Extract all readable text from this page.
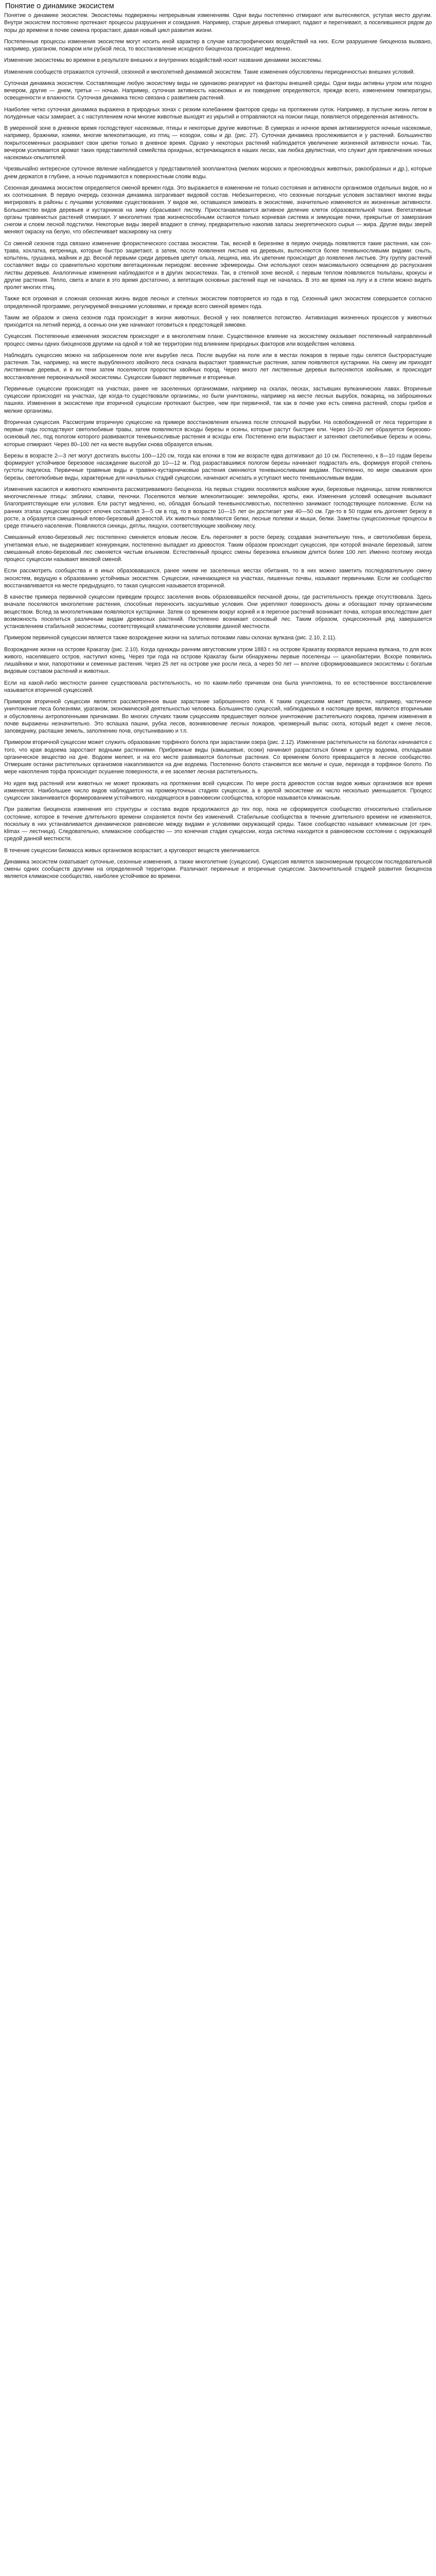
Понятие о динамике экосистем

Понятие о динамике экосистем. Экосистемы подвержены непрерывным изменениям. Одни виды постепенно отмирают или вытесняются, уступая место другим. Внутри экосистем постоянно протекают процессы разрушения и созидания. Например, старые деревья отмирают, падают и перегнивают, а поселившиеся рядом до поры до времени в почве семена прорастают, давая новый цикл развития жизни.

Постепенные процессы изменения экосистем могут носить иной характер в случае катастрофических воздействий на них. Если разрушение биоценоза вызвано, например, ураганом, пожаром или рубкой леса, то восстановление исходного биоценоза происходит медленно.

Изменение экосистемы во времени в результате внешних и внутренних воздействий носит название динамики экосистемы.

Изменения сообществ отражаются суточной, сезонной и многолетней динамикой экосистем. Такие изменения обусловлены периодичностью внешних условий.

Суточная динамика экосистем. Составляющие любую экосистему виды не одинаково реагируют на факторы внешней среды. Одни виды активны утром или поздно вечером, другие — днем, третьи — ночью. Например, суточная активность насекомых и их поведение определяются, прежде всего, изменением температуры, освещенности и влажности. Суточная динамика тесно связана с развитием растений.

Наиболее четко суточная динамика выражена в природных зонах с резким колебанием факторов среды на протяжении суток. Например, в пустыне жизнь летом в полуденные часы замирает, а с наступлением ночи многие животные выходят из укрытий и отправляются на поиски пищи, появляется определенная активность.

В умеренной зоне в дневное время господствуют насекомые, птицы и некоторые другие животные. В сумерках и ночное время активизируются ночные насекомые, например, бражники, хомяки, многие млекопитающие, из птиц — козодои, совы и др. (рис. 27). Суточная динамика прослеживается и у растений. Большинство покрытосеменных раскрывают свои цветки только в дневное время. Однако у некоторых растений наблюдается увеличение жизненной активности ночью. Так, вечером усиливается аромат таких представителей семейства орхидных, встречающихся в наших лесах, как любка двулистная, что служит для привлечения ночных насекомых-опылителей.

Чрезвычайно интересное суточное явление наблюдается у представителей зоопланктона (мелких морских и пресноводных животных, ракообразных и др.), которые днем держатся в глубине, а ночью поднимаются к поверхностным слоям воды.

Сезонная динамика экосистем определяется сменой времен года. Это выражается в изменении не только состояния и активности организмов отдельных видов, но и их соотношения. В первую очередь сезонная динамика затрагивает видовой состав. Небезынтересно, что сезонные погодные условия заставляют многие виды мигрировать в районы с лучшими условиями существования. У видов же, оставшихся зимовать в экосистеме, значительно изменяются их жизненные активности. Большинство видов деревьев и кустарников на зиму сбрасывают листву. Приостанавливается активное деление клеток образовательной ткани. Вегетативные органы травянистых растений отмирают. У многолетних трав жизнеспособными остаются только корневая система и зимующие почки, прикрытые от замерзания снегом и слоем лесной подстилки. Некоторые виды зверей впадают в спячку, предварительно накопив запасы энергетического сырья — жира. Другие виды зверей меняют окраску на белую, что обеспечивает маскировку на снегу.

Со сменой сезонов года связано изменение флористического состава экосистем. Так, весной в березняке в первую очередь появляются такие растения, как сон-трава, хохлатка, ветреница, которые быстро зацветают, а затем, после появления листьев на деревьях, вытесняются более теневыносливыми видами: сныть, копытень, грушанка, майник и др. Весной первыми среди деревьев цветут ольха, лещина, ива. Их цветение происходит до появления листьев. Эту группу растений составляют виды со сравнительно коротким вегетационным периодом: весенние эфемероиды. Они используют сезон максимального освещения до распускания листвы деревьев. Аналогичные изменения наблюдаются и в других экосистемах. Так, в степной зоне весной, с первым теплом появляются тюльпаны, крокусы и другие растения. Тепло, света и влаги в это время достаточно, а вегетация основных растений еще не началась. В это же время на лугу и в степи можно видеть пролет многих птиц.

Также вся огромная и сложная сезонная жизнь видов лесных и степных экосистем повторяется из года в год. Сезонный цикл экосистем совершается согласно определенной программе, регулируемой внешними условиями, и прежде всего сменой времен года.

Таким же образом и смена сезонов года происходит в жизни животных. Весной у них появляется потомство. Активизация жизненных процессов у животных приходится на летний период, а осенью они уже начинают готовиться к предстоящей зимовке.

Сукцессия. Постепенные изменения экосистем происходят и в многолетнем плане. Существенное влияние на экосистему оказывает постепенный направленный процесс смены одних биоценозов другими на одной и той же территории под влиянием природных факторов или воздействия человека.

Наблюдать сукцессию можно на заброшенном поле или вырубке леса. После вырубки на поле или в местах пожаров в первые годы селятся быстрорастущие растения. Так, например, на месте вырубленного хвойного леса сначала вырастают травянистые растения, затем появляются кустарники. На смену им приходят лиственные деревья, и в их тени затем поселяются проростки хвойных пород. Через много лет лиственные деревья вытесняются хвойными, и происходит восстановление первоначальной экосистемы. Сукцессии бывают первичные и вторичные.

Первичные сукцессии происходят на участках, ранее не заселенных организмами, например на скалах, песках, застывших вулканических лавах. Вторичные сукцессии происходят на участках, где когда-то существовали организмы, но были уничтожены, например на месте лесных вырубок, пожарищ, на заброшенных пашнях. Изменения в экосистеме при вторичной сукцессии протекают быстрее, чем при первичной, так как в почве уже есть семена растений, споры грибов и мелкие организмы.

Вторичная сукцессия. Рассмотрим вторичную сукцессию на примере восстановления ельника после сплошной вырубки. На освобожденной от леса территории в первые годы господствуют светолюбивые травы, затем появляются всходы березы и осины, которые растут быстрее ели. Через 10–20 лет образуется березово-осиновый лес, под пологом которого развиваются теневыносливые растения и всходы ели. Постепенно ели вырастают и затеняют светолюбивые березы и осины, которые отмирают. Через 80–100 лет на месте вырубки снова образуется ельник.

Березы в возрасте 2—3 лет могут достигать высоты 100—120 см, тогда как елочки в том же возрасте едва дотягивают до 10 см. Постепенно, к 8—10 годам березы формируют устойчивое березовое насаждение высотой до 10—12 м. Под разраставшимся пологом березы начинают подрастать ель, формируя второй степень густоты подлеска. Первичные травяные виды и травяно-кустарничковые растения сменяются теневыносливыми видами. Постепенно, по мере смыкания крон березы, светолюбивые виды, характерные для начальных стадий сукцессии, начинают исчезать и уступают место теневыносливым видам.

Изменения касаются и животного компонента рассматриваемого биоценоза. На первых стадиях поселяются майские жуки, березовые пяденицы, затем появляются многочисленные птицы: зяблики, славки, пеночки. Поселяются мелкие млекопитающие: землеройки, кроты, ежи. Изменения условий освещения вызывают благоприятствующие ели условия. Ели растут медленно, но, обладая большой теневыносливостью, постепенно занимают господствующее положение. Если на ранних этапах сукцессии прирост елочек составлял 3—5 см в год, то в возрасте 10—15 лет он достигает уже 40—50 см. Где-то в 50 годам ель догоняет березу в росте, а образуется смешанный елово-березовый древостой. Их животных появляются белки, лесные полевки и мыши, белки. Заметны сукцессионные процессы в среде птичьего населения. Появляются синицы, дятлы, пищухи, соответствующие хвойному лесу.

Смешанный елово-березовый лес постепенно сменяется еловым лесом. Ель перегоняет в росте березу, создавая значительную тень, и светолюбивая береза, угнетаемая елью, не выдерживает конкуренции, постепенно выпадает из древостоя. Таким образом происходит сукцессия, при которой вначале березовый, затем смешанный елово-березовый лес сменяется чистым ельником. Естественный процесс смены березняка ельником длится более 100 лет. Именно поэтому иногда процесс сукцессии называют вековой сменой.

Если рассмотреть сообщества и в иных образовавшихся, ранее никем не заселенных местах обитания, то в них можно заметить последовательную смену экосистем, ведущую к образованию устойчивых экосистем. Сукцессии, начинающиеся на участках, лишенных почвы, называют первичными. Если же сообщество восстанавливается на месте предыдущего, то такая сукцессия называется вторичной.

В качестве примера первичной сукцессии приведем процесс заселения вновь образовавшейся песчаной дюны, где растительность прежде отсутствовала. Здесь вначале поселяются многолетние растения, способные переносить засушливые условия. Они укрепляют поверхность дюны и обогащают почву органическим веществом. Вслед за многолетниками появляются кустарники. Затем со временем вокруг корней и в перегное растений возникает почва, которая впоследствии дает возможность поселиться различным видам древесных растений. Постепенно возникает сосновый лес. Таким образом, сукцессионный ряд завершается установлением стабильной экосистемы, соответствующей климатическим условиям данной местности.

Примером первичной сукцессии является также возрождение жизни на залитых потоками лавы склонах вулкана (рис. 2.10, 2.11).

Возрождение жизни на острове Кракатау (рис. 2.10). Когда однажды ранним августовским утром 1883 г. на острове Кракатау взорвался вершина вулкана, то для всех живого, населявшего остров, наступил конец. Через три года на острове Кракатау были обнаружены первые поселенцы — цианобактерии. Вскоре появились лишайники и мхи, папоротники и семенные растения. Через 25 лет на острове уже росли леса, а через 50 лет — вполне сформировавшиеся экосистемы с богатым видовым составом растений и животных.

Если на какой-либо местности раннее существовала растительность, но по каким-либо причинам она была уничтожена, то ее естественное восстановление называется вторичной сукцессией.

Примером вторичной сукцессии является рассмотренное выше зарастание заброшенного поля. К таким сукцессиям может привести, например, частичное уничтожение леса болезнями, ураганом, экономической деятельностью человека. Большинство сукцессий, наблюдаемых в настоящее время, являются вторичными и обусловлены антропогенными причинами. Во многих случаях таким сукцессиям предшествует полное уничтожение растительного покрова, причем изменения в почве выражены незначительно. Это вспашка пашни, рубка лесов, возникновение лесных пожаров, чрезмерный выпас скота, который ведет к смене лесов, заповеднику, распашке земель, заполнению почв, опустыниванию и т.п.

Примером вторичной сукцессии может служить образование торфяного болота при зарастании озера (рис. 2.12). Изменение растительности на болотах начинается с того, что края водоема заростают водными растениями. Прибрежные виды (камышевые, осоки) начинают разрастаться ближе к центру водоема, откладывая органическое вещество на дне. Водоем мелеет, и на его месте развиваются болотные растения. Со временем болото превращается в лесное сообщество. Отмершие останки растительных организмов накапливаются на дне водоема. Постепенно болото становится все мельче и суше, переходя в торфяное болото. По мере накопления торфа происходит осушение поверхности, и ее заселяет лесная растительность.

Но идея вид растений или животных не может проживать на протяжении всей сукцессии. По мере роста древостоя состав видов живых организмов все время изменяется. Наибольшее число видов наблюдается на промежуточных стадиях сукцессии, а в зрелой экосистеме их число несколько уменьшается. Процесс сукцессии заканчивается формированием устойчивого, находящегося в равновесии сообщества, которое называется климаксным.

При развитии биоценоза изменения его структуры и состава видов продолжаются до тех пор, пока не сформируется сообщество относительно стабильное состояние, которое в течение длительного времени сохраняется почти без изменений. Стабильные сообщества в течение длительного времени не изменяются, поскольку в них устанавливается динамическое равновесие между видами и условиями окружающей среды. Такое сообщество называют климаксным (от греч. klimax — лестница). Следовательно, климаксное сообщество — это конечная стадия сукцессии, когда система находится в равновесном состоянии с окружающей средой данной местности.

В течение сукцессии биомасса живых организмов возрастает, а круговорот веществ увеличивается.

Динамика экосистем охватывает суточные, сезонные изменения, а также многолетние (сукцессии). Сукцессия является закономерным процессом последовательной смены одних сообществ другими на определенной территории. Различают первичные и вторичные сукцессии. Заключительной стадией развития биоценоза является климаксное сообщество, наиболее устойчивое во времени.
